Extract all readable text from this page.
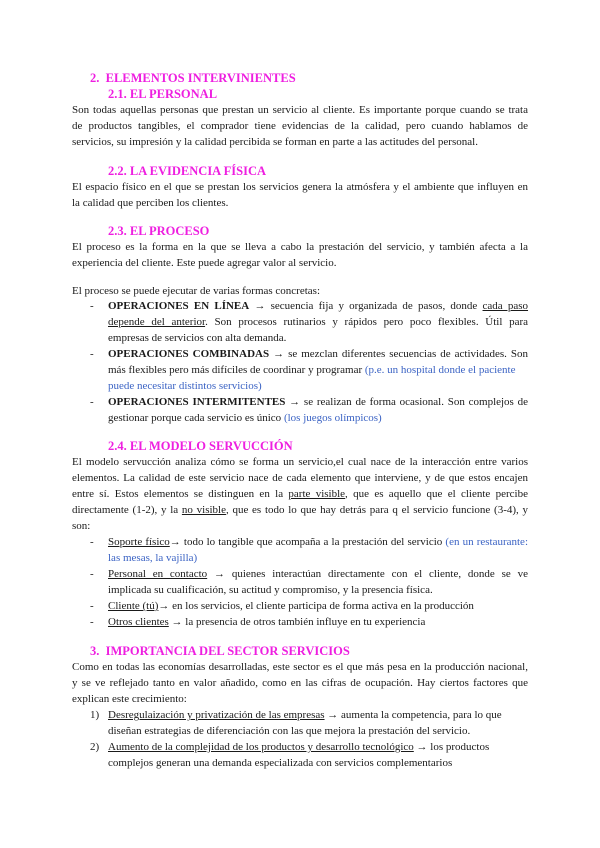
2.  ELEMENTOS INTERVINIENTES
2.1. EL PERSONAL
Son todas aquellas personas que prestan un servicio al cliente. Es importante porque cuando se trata
de productos tangibles, el comprador tiene evidencias de la calidad, pero cuando hablamos de
servicios, su impresión y la calidad percibida se forman en parte a las actitudes del personal.
2.2. LA EVIDENCIA FÍSICA
El espacio físico en el que se prestan los servicios genera la atmósfera y el ambiente que influyen en
la calidad que perciben los clientes.
2.3. EL PROCESO
El proceso es la forma en la que se lleva a cabo la prestación del servicio, y también afecta a la
experiencia del cliente. Este puede agregar valor al servicio.
El proceso se puede ejecutar de varias formas concretas:
- OPERACIONES EN LÍNEA → secuencia fija y organizada de pasos, donde cada paso
depende del anterior. Son procesos rutinarios y rápidos pero poco flexibles. Útil para
empresas de servicios con alta demanda.
- OPERACIONES COMBINADAS → se mezclan diferentes secuencias de actividades. Son
más flexibles pero más difíciles de coordinar y programar (p.e. un hospital donde el paciente
puede necesitar distintos servicios)
- OPERACIONES INTERMITENTES → se realizan de forma ocasional. Son complejos de
gestionar porque cada servicio es único (los juegos olímpicos)
2.4. EL MODELO SERVUCCIÓN
El modelo servucción analiza cómo se forma un servicio,el cual nace de la interacción entre varios
elementos. La calidad de este servicio nace de cada elemento que interviene, y de que estos encajen
entre sí. Estos elementos se distinguen en la parte visible, que es aquello que el cliente percibe
directamente (1-2), y la no visible, que es todo lo que hay detrás para q el servicio funcione (3-4), y
son:
- Soporte físico→ todo lo tangible que acompaña a la prestación del servicio (en un restaurante:
las mesas, la vajilla)
- Personal en contacto → quienes interactúan directamente con el cliente, donde se ve
implicada su cualificación, su actitud y compromiso, y la presencia física.
- Cliente (tú)→ en los servicios, el cliente participa de forma activa en la producción
- Otros clientes → la presencia de otros también influye en tu experiencia
3.  IMPORTANCIA DEL SECTOR SERVICIOS
Como en todas las economías desarrolladas, este sector es el que más pesa en la producción nacional,
y se ve reflejado tanto en valor añadido, como en las cifras de ocupación. Hay ciertos factores que
explican este crecimiento:
1) Desregulaización y privatización de las empresas → aumenta la competencia, para lo que
diseñan estrategias de diferenciación con las que mejora la prestación del servicio.
2) Aumento de la complejidad de los productos y desarrollo tecnológico → los productos
complejos generan una demanda especializada con servicios complementarios
